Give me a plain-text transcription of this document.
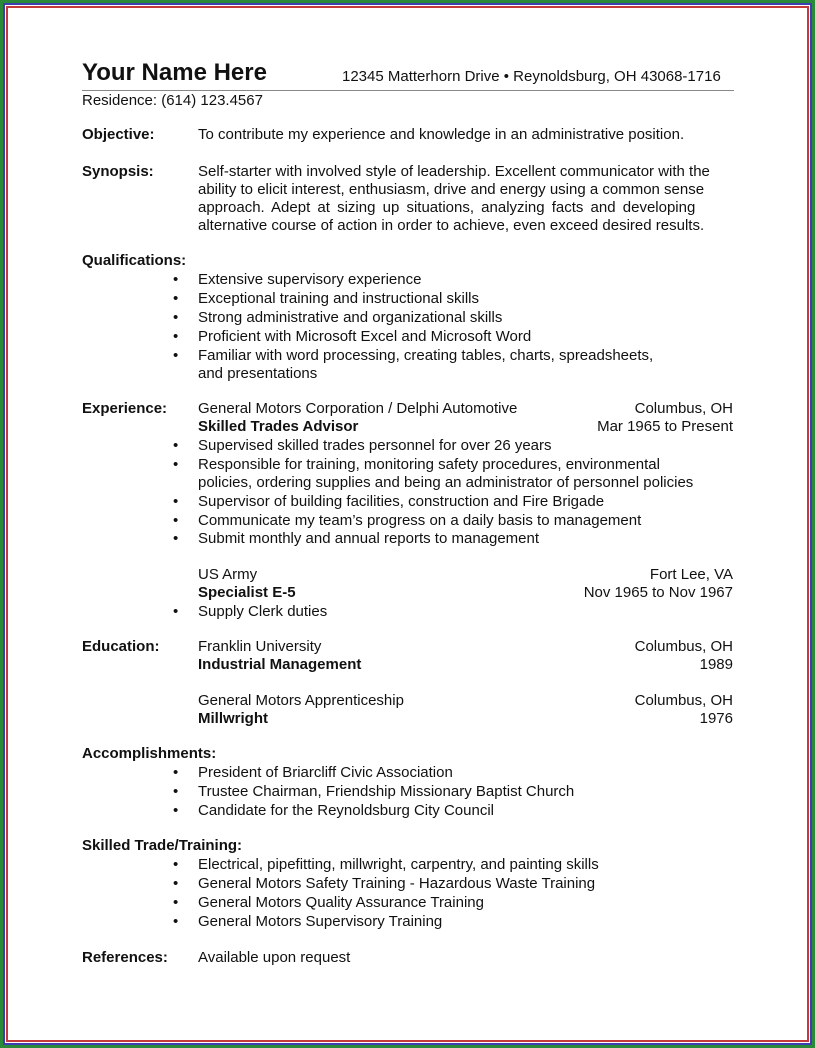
Your Name Here	12345 Matterhorn Drive • Reynoldsburg, OH 43068-1716
Residence: (614) 123.4567
Objective:	To contribute my experience and knowledge in an administrative position.
Synopsis:	Self-starter with involved style of leadership. Excellent communicator with the
ability to elicit interest, enthusiasm, drive and energy using a common sense
approach. Adept at sizing up situations, analyzing facts and developing
alternative course of action in order to achieve, even exceed desired results.
Qualifications:
• Extensive supervisory experience
• Exceptional training and instructional skills
• Strong administrative and organizational skills
• Proficient with Microsoft Excel and Microsoft Word
• Familiar with word processing, creating tables, charts, spreadsheets,
and presentations
Experience: General Motors Corporation / Delphi Automotive	Columbus, OH
Skilled Trades Advisor	Mar 1965 to Present
• Supervised skilled trades personnel for over 26 years
• Responsible for training, monitoring safety procedures, environmental
policies, ordering supplies and being an administrator of personnel policies
• Supervisor of building facilities, construction and Fire Brigade
• Communicate my team’s progress on a daily basis to management
• Submit monthly and annual reports to management
US Army	Fort Lee, VA
Specialist E-5	Nov 1965 to Nov 1967
• Supply Clerk duties
Education:	Franklin University	Columbus, OH
Industrial Management	1989
General Motors Apprenticeship	Columbus, OH
Millwright	1976
Accomplishments:
• President of Briarcliff Civic Association
• Trustee Chairman, Friendship Missionary Baptist Church
• Candidate for the Reynoldsburg City Council
Skilled Trade/Training:
• Electrical, pipefitting, millwright, carpentry, and painting skills
• General Motors Safety Training - Hazardous Waste Training
• General Motors Quality Assurance Training
• General Motors Supervisory Training
References: Available upon request
